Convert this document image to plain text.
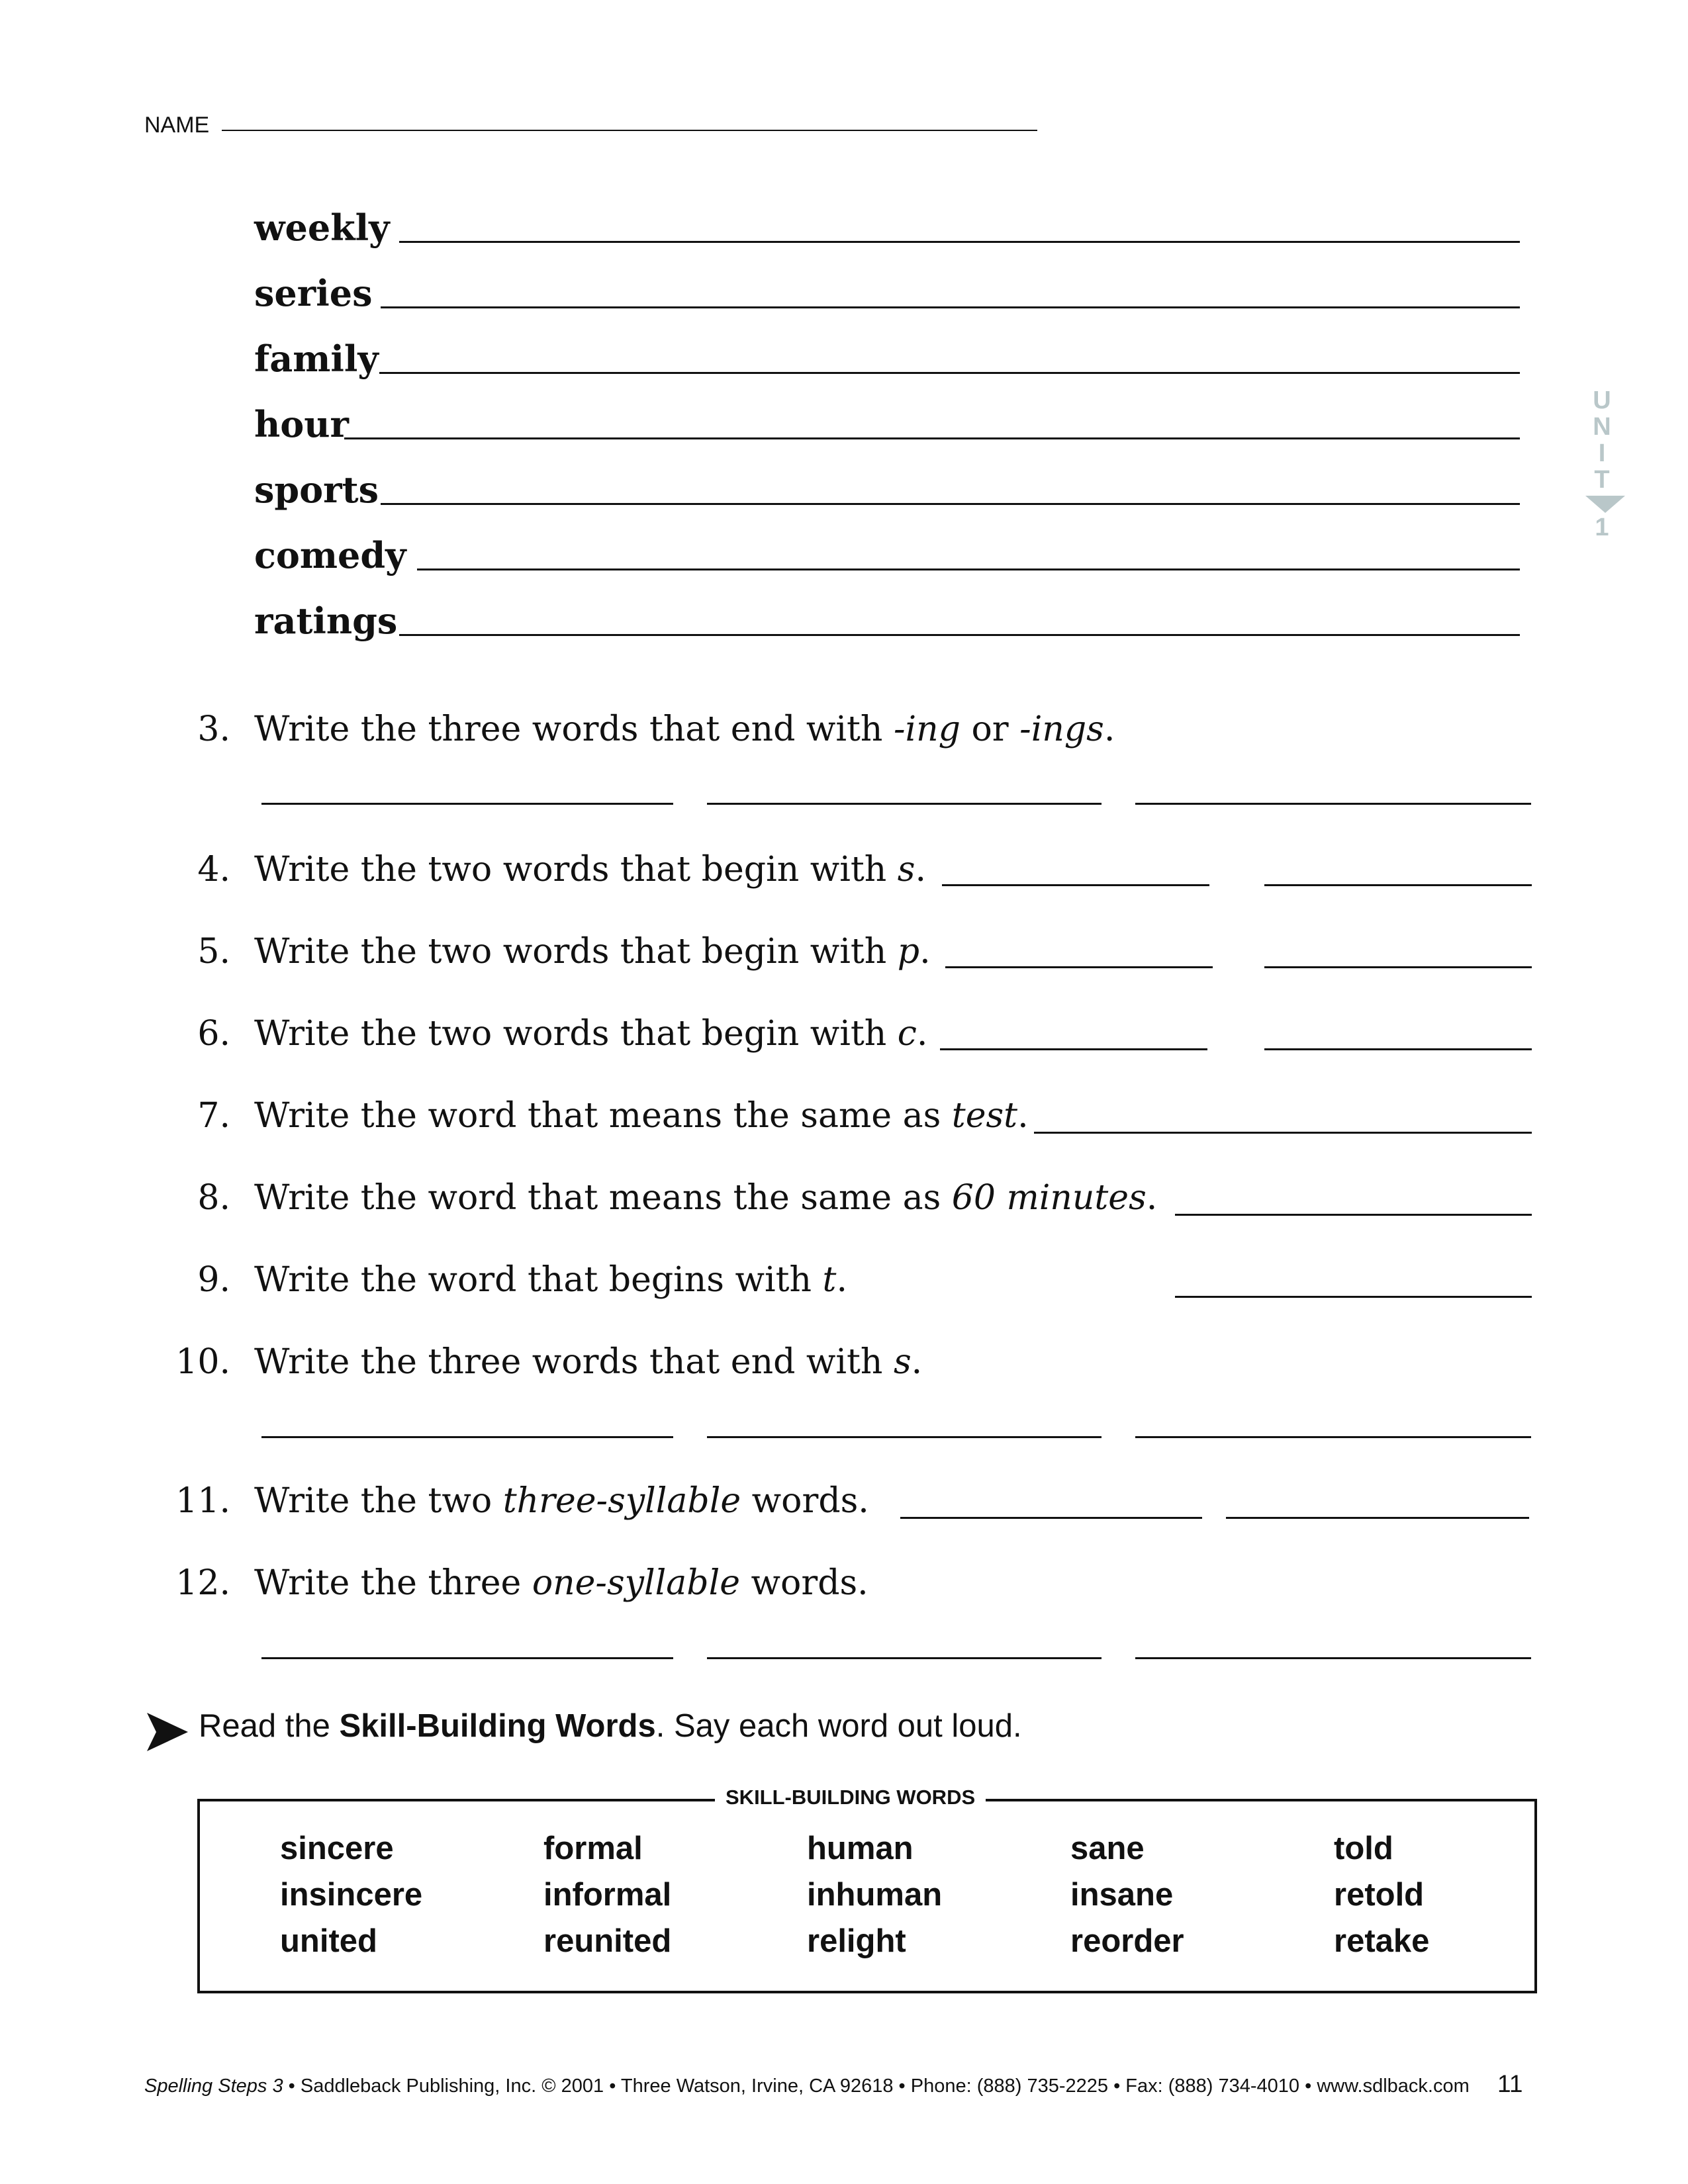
NAME
weekly
series
family
hour
sports
comedy
ratings
U
N
I
T
1
3. Write the three words that end with -ing or -ings.
4. Write the two words that begin with s.
5. Write the two words that begin with p.
6. Write the two words that begin with c.
7. Write the word that means the same as test.
8. Write the word that means the same as 60 minutes.
9. Write the word that begins with t.
10. Write the three words that end with s.
11. Write the two three-syllable words.
12. Write the three one-syllable words.
Read the Skill-Building Words. Say each word out loud.
SKILL-BUILDING WORDS
sincere
insincere
united
formal
informal
reunited
human
inhuman
relight
sane
insane
reorder
told
retold
retake
Spelling Steps 3 • Saddleback Publishing, Inc. © 2001 • Three Watson, Irvine, CA 92618 • Phone: (888) 735-2225 • Fax: (888) 734-4010 • www.sdlback.com 11
